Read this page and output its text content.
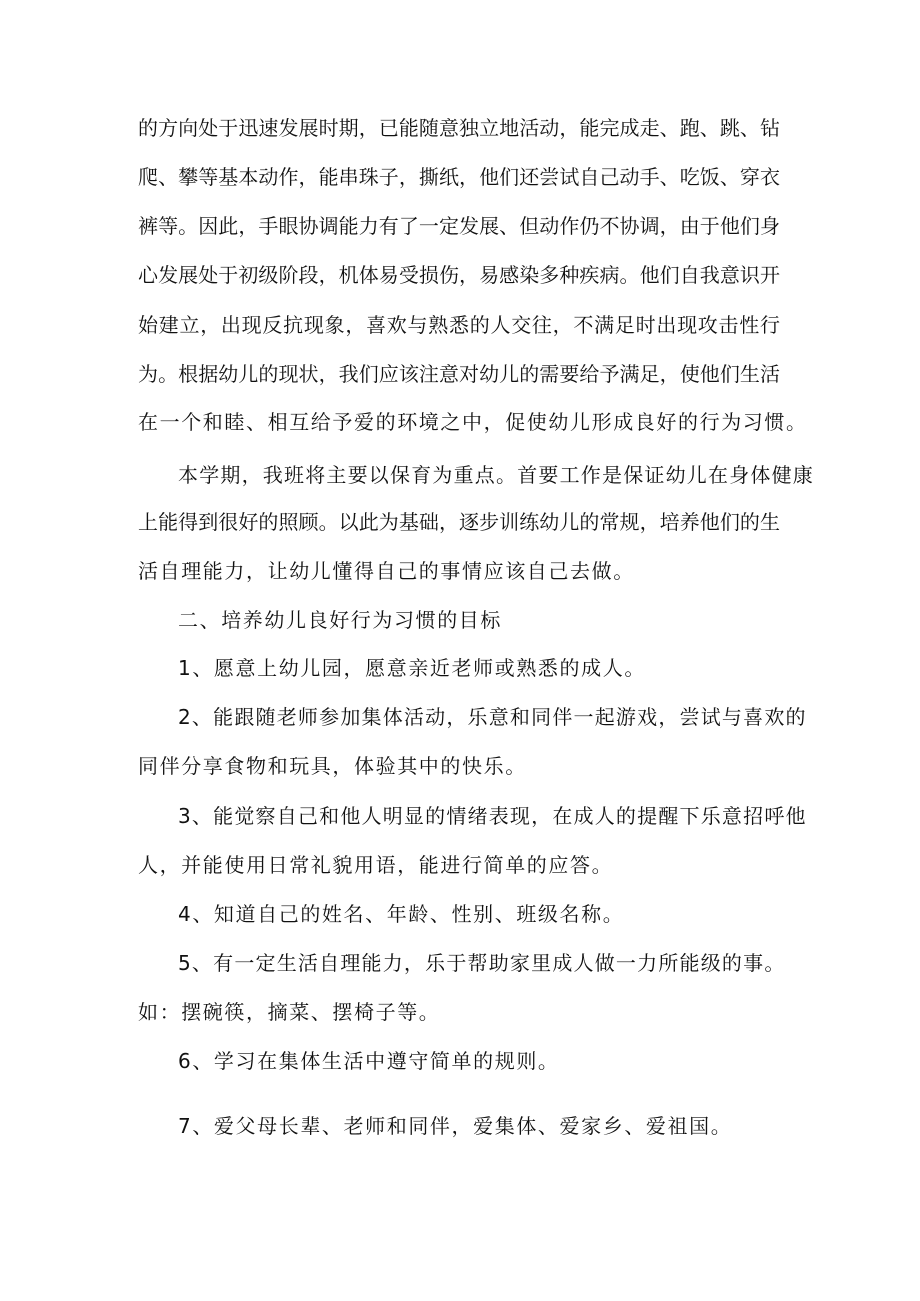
的方向处于迅速发展时期，已能随意独立地活动，能完成走、跑、跳、钻
爬、攀等基本动作，能串珠子，撕纸，他们还尝试自己动手、吃饭、穿衣
裤等。因此，手眼协调能力有了一定发展、但动作仍不协调，由于他们身
心发展处于初级阶段，机体易受损伤，易感染多种疾病。他们自我意识开
始建立，出现反抗现象，喜欢与熟悉的人交往，不满足时出现攻击性行
为。根据幼儿的现状，我们应该注意对幼儿的需要给予满足，使他们生活
在一个和睦、相互给予爱的环境之中，促使幼儿形成良好的行为习惯。
本学期，我班将主要以保育为重点。首要工作是保证幼儿在身体健康
上能得到很好的照顾。以此为基础，逐步训练幼儿的常规，培养他们的生
活自理能力，让幼儿懂得自己的事情应该自己去做。
二、培养幼儿良好行为习惯的目标
1、愿意上幼儿园，愿意亲近老师或熟悉的成人。
2、能跟随老师参加集体活动，乐意和同伴一起游戏，尝试与喜欢的
同伴分享食物和玩具，体验其中的快乐。
3、能觉察自己和他人明显的情绪表现，在成人的提醒下乐意招呼他
人，并能使用日常礼貌用语，能进行简单的应答。
4、知道自己的姓名、年龄、性别、班级名称。
5、有一定生活自理能力，乐于帮助家里成人做一力所能级的事。
如：摆碗筷，摘菜、摆椅子等。
6、学习在集体生活中遵守简单的规则。
7、爱父母长辈、老师和同伴，爱集体、爱家乡、爱祖国。
